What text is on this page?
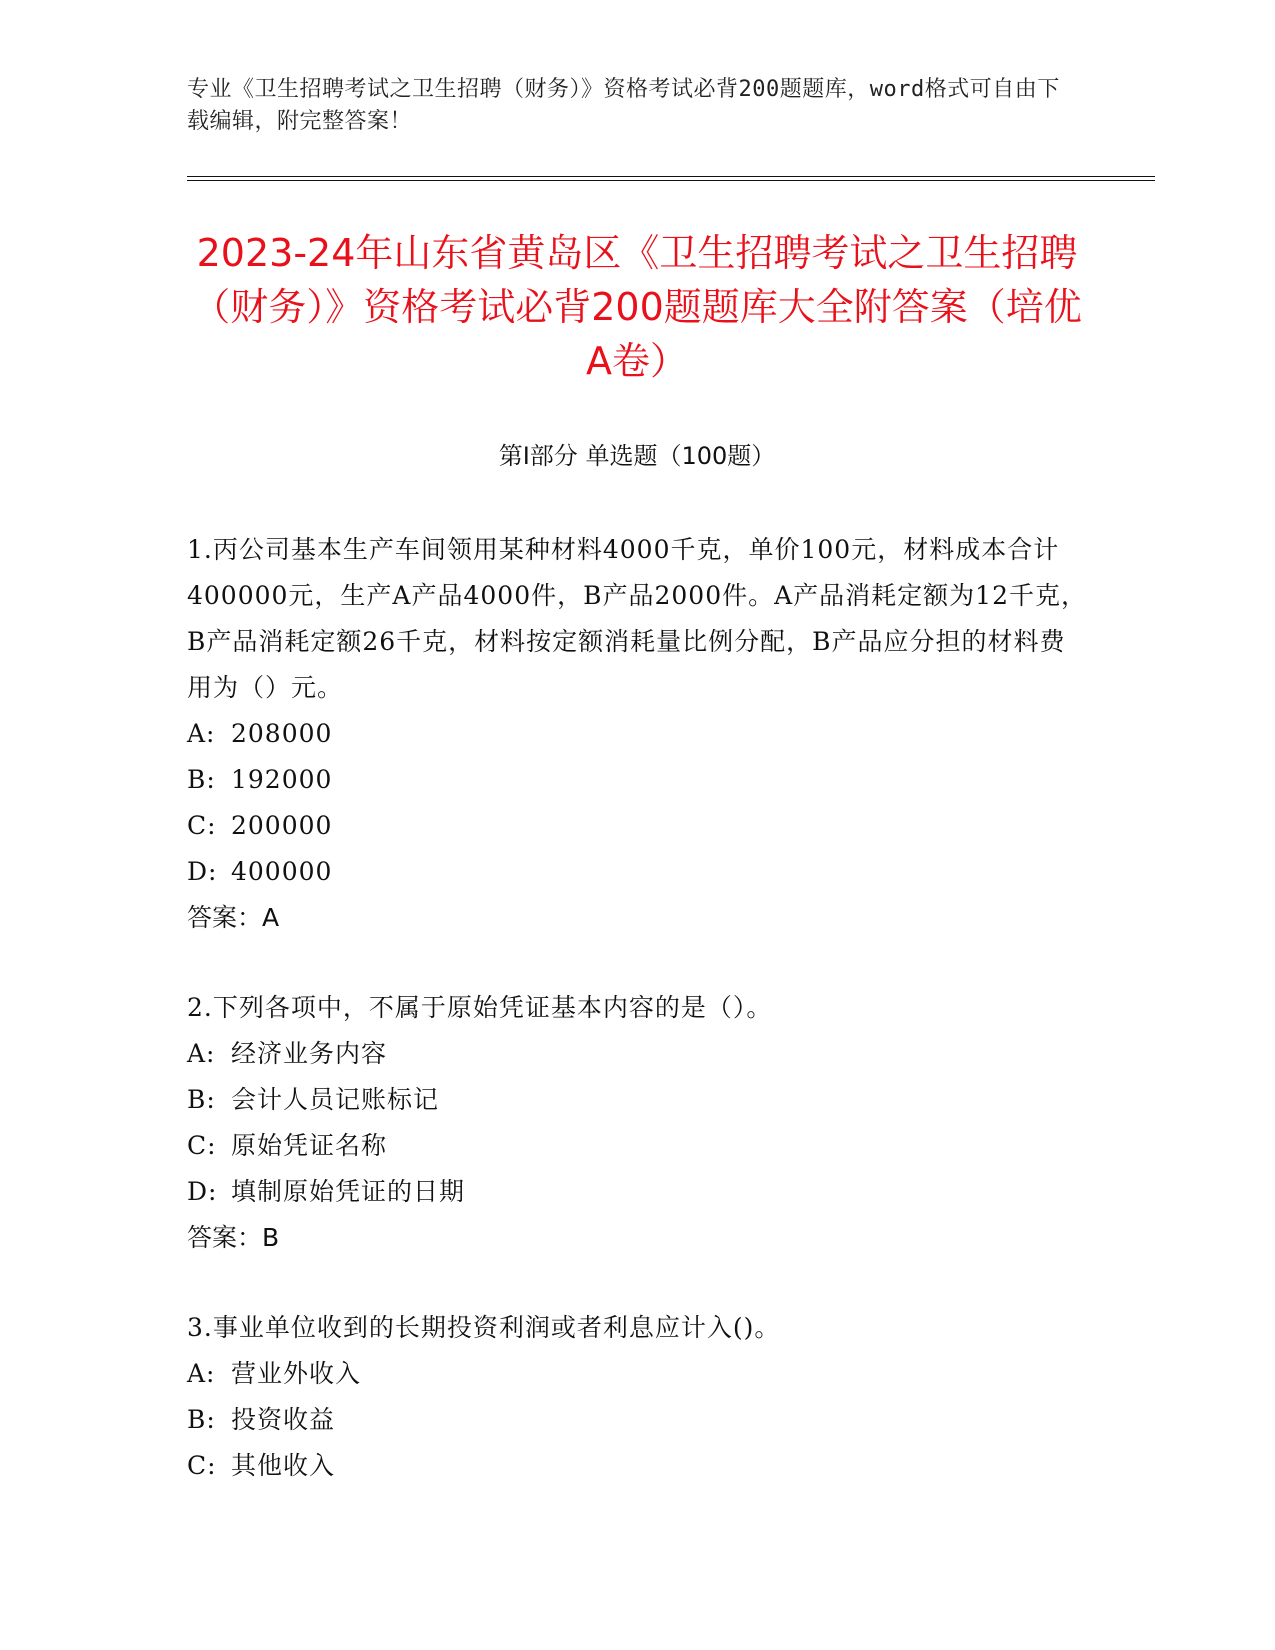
专业《卫生招聘考试之卫生招聘（财务）》资格考试必背200题题库，word格式可自由下载编辑，附完整答案！
2023-24年山东省黄岛区《卫生招聘考试之卫生招聘（财务）》资格考试必背200题题库大全附答案（培优A卷）
第I部分 单选题（100题）

1.丙公司基本生产车间领用某种材料4000千克，单价100元，材料成本合计400000元，生产A产品4000件，B产品2000件。A产品消耗定额为12千克，B产品消耗定额26千克，材料按定额消耗量比例分配，B产品应分担的材料费用为（）元。

A: 208000

B: 192000

C: 200000

D: 400000

答案：A

2.下列各项中，不属于原始凭证基本内容的是（）。

A: 经济业务内容

B: 会计人员记账标记

C: 原始凭证名称

D: 填制原始凭证的日期

答案：B

3.事业单位收到的长期投资利润或者利息应计入()。

A: 营业外收入

B: 投资收益

C: 其他收入
